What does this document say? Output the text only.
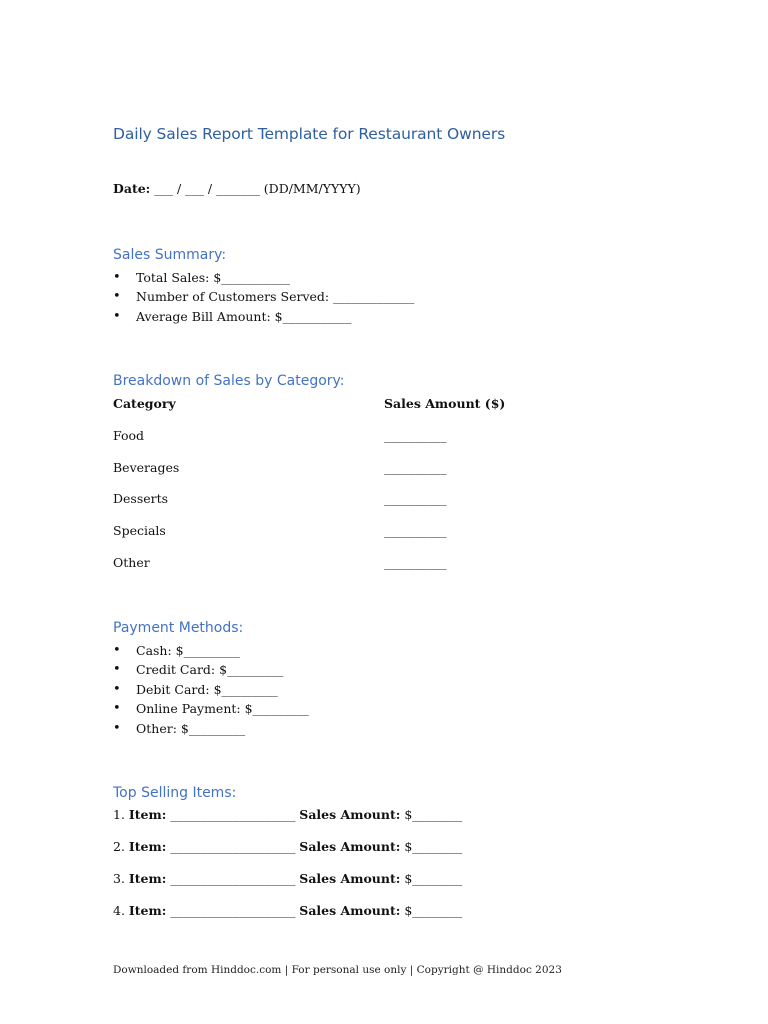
Daily Sales Report Template for Restaurant Owners
Date: ___ / ___ / _______ (DD/MM/YYYY)
Sales Summary:
• Total Sales: $___________
• Number of Customers Served: _____________
• Average Bill Amount: $___________
Breakdown of Sales by Category:
Category	Sales Amount ($)
Food	__________
Beverages	__________
Desserts	__________
Specials	__________
Other	__________
Payment Methods:
• Cash: $_________
• Credit Card: $_________
• Debit Card: $_________
• Online Payment: $_________
• Other: $_________
Top Selling Items:
1. Item: ____________________ Sales Amount: $________
2. Item: ____________________ Sales Amount: $________
3. Item: ____________________ Sales Amount: $________
4. Item: ____________________ Sales Amount: $________
Downloaded from Hinddoc.com | For personal use only | Copyright @ Hinddoc 2023
